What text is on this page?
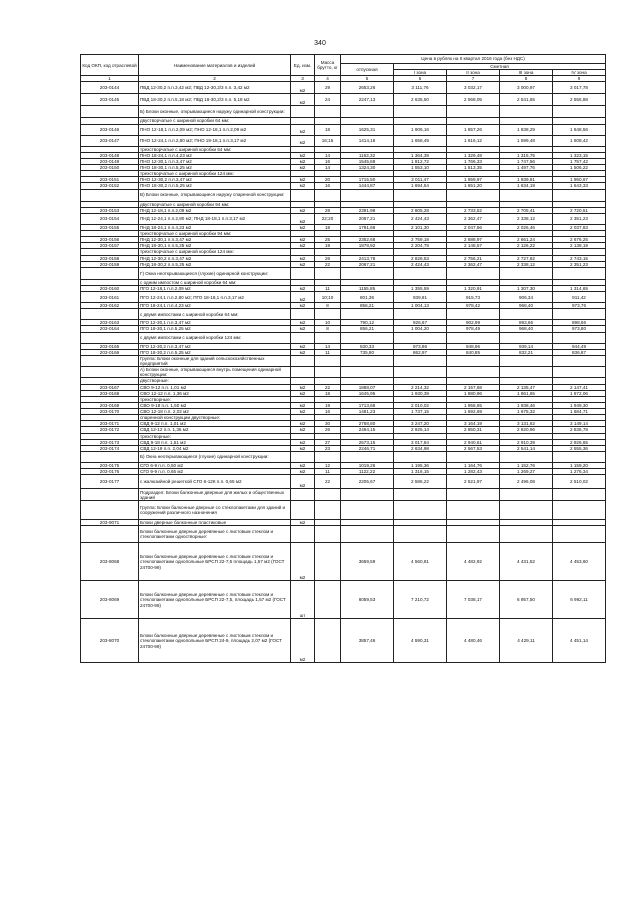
340
Код ОКП, код отраслевой	Наименование материалов и изделий	Ед. изм.	Масса брутто, кг	Цена в рублях на II квартал 2016 года (без НДС)				
				отпускная	Сметная			
					I зона	II зона	III зона	IV зона
1	2	3	4	5	6	7	8	9
203-0144	ПВД 12-30,2 п.п.3,42 м2; ПВД 12-30,2/3 п.п. 3,42 м2	м2	29	2653,26	3 111,76	3 032,17	3 000,97	3 017,78
203-0145	ПВД 18-30,2 п.п.5,18 м2; ПВД 18-30,2/3 п.п. 5,18 м2	м2	24	2247,13	2 635,50	2 568,05	2 541,65	2 555,88
	Б) Блоки оконные, открывающиеся наружу одинарной конструкции:							
	двустворчатые с шириной коробки 64 мм:							
203-0146	ПНО 12-18,1 п.п.2,09 м2; ПНО 12-18,1 п.п.2,09 м2	м2	18	1625,31	1 906,16	1 857,26	1 838,29	1 848,56
203-0147	ПНО 12-24,1 п.п.2,80 м2; ПНО 18-18,1 п.п.3,17 м2	м2	16;15	1414,18	1 658,49	1 616,12	1 599,48	1 608,42
	трехстворчатые с шириной коробки 64 мм:							
203-0148	ПНО 18-24,1 п.п.4,23 м2	м2	14	1163,32	1 364,39	1 329,48	1 315,75	1 323,15
203-0149	ПНО 12-30,1 п.п.3,47 м2	м2	16	1545,68	1 812,72	1 766,33	1 747,56	1 757,42
203-0150	ПНО 18-30,1 п.п.5,25 м2	м2	14	1324,30	1 553,10	1 513,35	1 497,76	1 506,22
	трехстворчатые с шириной коробки 124 мм:							
203-0151	ПНО 12-30,2 п.п.3,47 м2	м2	20	1715,50	2 011,47	1 959,97	1 939,81	1 950,67
203-0152	ПНО 18-30,2 п.п.5,25 м2	м2	16	1444,87	1 694,54	1 651,20	1 634,19	1 643,33
	В) Блоки оконные, открывающиеся наружу спаренной конструкции:							
	двустворчатые с шириной коробки 94 мм:							
203-0153	ПНД 12-18,1 п.п.2,09 м2	м2	28	2391,98	2 805,28	2 733,52	2 705,41	2 720,51
203-0154	ПНД 12-24,1 п.п.2,80 м2; ПНД 18-18,1 п.п.3,17 м2	м2	22;20	2067,21	2 424,43	2 362,47	2 338,12	2 351,23
203-0155	ПНД 18-24,1 п.п.4,23 м2	м2	18	1791,68	2 101,30	2 047,56	2 026,46	2 037,83
	трехстворчатые с шириной коробки 94 мм:							
203-0156	ПНД 12-30,1 п.п.3,47 м2	м2	25	2352,68	2 759,18	2 688,97	2 661,24	2 676,25
203-0157	ПНД 18-30,1 п.п.5,25 м2	м2	19	1878,92	2 204,78	2 148,57	2 126,22	2 138,19
	трехстворчатые с шириной коробки 124 мм:							
203-0158	ПНД 12-30,2 п.п.3,47 м2	м2	26	2413,78	2 828,53	2 756,21	2 727,82	2 743,15
203-0159	ПНД 18-30,2 п.п.5,25 м2	м2	22	2067,21	2 424,43	2 362,47	2 338,12	2 351,23
	Г) Окна неоткрывающиеся (глухие) одинарной конструкции:							
	с одним импостом с шириной коробки 64 мм:							
203-0160	ПГО 12-18,1 п.п.2,09 м2	м2	11	1155,85	1 355,59	1 320,91	1 307,30	1 314,65
203-0161	ПГО 12-24,1 п.п.2,80 м2; ПГО 18-18,1 п.п.3,17 м2	м2	10;10	801,36	939,81	915,73	906,34	911,42
203-0162	ПГО 18-24,1 п.п.4,23 м2	м2	8	856,21	1 004,13	978,42	968,40	973,76
	с двумя импостами с шириной коробки 64 мм:							
203-0163	ПГО 12-30,1 п.п.3,47 м2	м2	10	790,12	926,67	902,99	893,66	898,66
203-0164	ПГО 18-30,1 п.п.5,25 м2	м2	8	856,21	1 004,20	978,49	968,40	973,80
	с двумя импостами с шириной коробки 124 мм:							
203-0165	ПГО 12-30,2 п.п.3,47 м2	м2	14	830,33	973,86	948,96	939,14	944,49
203-0166	ПГО 18-30,2 п.п.5,25 м2	м2	11	735,80	862,97	840,85	832,21	836,87
	Группа: Блоки оконные для зданий сельскохозяйственных предприятий							
	А) Блоки оконные, открывающиеся внутрь помещения одинарной конструкции:							
	двустворные:							
203-0167	СВО 9-12 п.п. 1,01 м2	м2	22	1888,07	2 214,32	2 157,68	2 135,47	2 147,41
203-0168	СВО 12-12 п.п. 1,36 м2	м2	18	1645,95	1 930,39	1 880,96	1 861,65	1 872,06
	трехстворные:							
203-0169	СВО 9-18 п.п. 1,50 м2	м2	19	1713,68	2 010,02	1 958,65	1 938,46	1 949,30
203-0170	СВО 12-18 п.п. 2,02 м2	м2	16	1481,23	1 737,15	1 692,69	1 675,32	1 684,71
	спаренной конструкции двустворные:							
203-0171	СВД 9-12 п.п. 1,01 м2	м2	30	2768,80	3 247,20	3 164,19	3 131,62	3 149,14
203-0172	СВД 12-12 п.п. 1,36 м2	м2	26	2494,15	2 925,14	2 850,31	2 820,96	2 836,78
	трехстворные:							
203-0173	СВД 9-18 п.п. 1,51 м2	м2	27	2573,15	3 017,84	2 940,61	2 910,39	2 926,65
203-0174	СВД 12-18 п.п. 2,04 м2	м2	23	2246,71	2 634,98	2 567,53	2 541,14	2 555,36
	Б) Окна неоткрывающиеся (глухие) одинарной конструкции:							
203-0175	СГО 6-9 п.п. 0,50 м2	м2	12	1019,26	1 195,36	1 164,76	1 152,76	1 159,20
203-0176	СГО 9-9 п.п. 0,65 м2	м2	11	1122,22	1 316,15	1 282,43	1 269,27	1 276,34
203-0177	с жалюзийной решеткой СГО 6-12К п.п. 0,65 м2	м2	22	2205,67	2 586,22	2 521,97	2 496,08	2 510,02
	Подраздел: Блоки балконные дверные для жилых и общественных зданий							
	Группа: Блоки балконные дверные со стеклопакетами для зданий и сооружений различного назначения							
203-9071	Блоки дверные балконные пластиковые	м2						
	Блоки балконные дверные деревянные с листовым стеклом и стеклопакетами одностворные:							
203-8068	Блоки балконные дверные деревянные с листовым стеклом и стеклопакетами однопольные БРСП 22-7,5 площадь 1,57 м2 (ГОСТ 24700-99)	м2		3659,59	4 560,81	4 482,92	4 431,52	4 453,60
203-8069	Блоки балконные дверные деревянные с листовым стеклом и стеклопакетами однопольные БРСП 22-7,5, площадь 1,57 м2 (ГОСТ 24700-99)	шт		6059,53	7 210,72	7 038,17	6 957,50	6 992,11
203-8070	Блоки балконные дверные деревянные с листовым стеклом и стеклопакетами однопольные БРСП 24-9, площадь 2,07 м2 (ГОСТ 24700-99)	м2		3857,46	4 590,31	4 480,46	4 429,11	4 451,14
